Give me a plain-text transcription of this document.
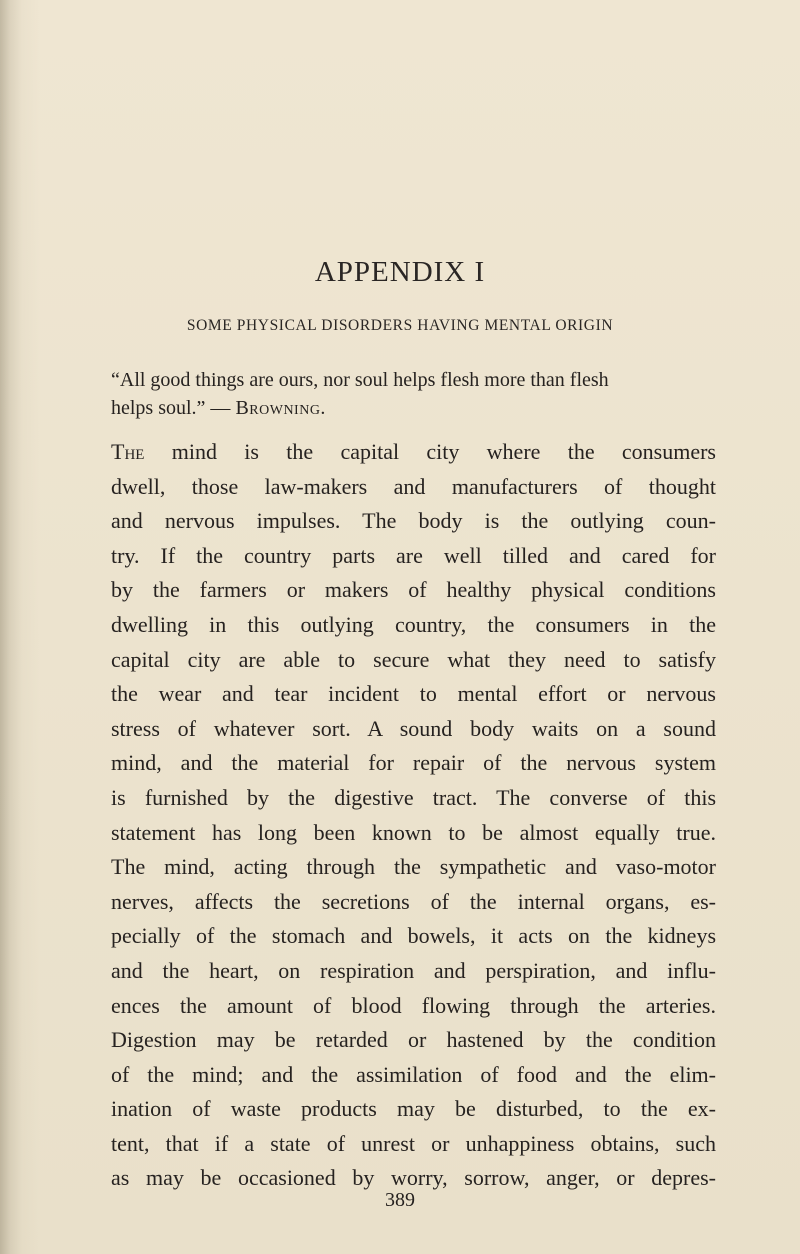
APPENDIX I
SOME PHYSICAL DISORDERS HAVING MENTAL ORIGIN
“All good things are ours, nor soul helps flesh more than flesh
helps soul.” — Browning.
The mind is the capital city where the consumers
dwell, those law-makers and manufacturers of thought
and nervous impulses. The body is the outlying coun-
try. If the country parts are well tilled and cared for
by the farmers or makers of healthy physical conditions
dwelling in this outlying country, the consumers in the
capital city are able to secure what they need to satisfy
the wear and tear incident to mental effort or nervous
stress of whatever sort. A sound body waits on a sound
mind, and the material for repair of the nervous system
is furnished by the digestive tract. The converse of this
statement has long been known to be almost equally true.
The mind, acting through the sympathetic and vaso-motor
nerves, affects the secretions of the internal organs, es-
pecially of the stomach and bowels, it acts on the kidneys
and the heart, on respiration and perspiration, and influ-
ences the amount of blood flowing through the arteries.
Digestion may be retarded or hastened by the condition
of the mind; and the assimilation of food and the elim-
ination of waste products may be disturbed, to the ex-
tent, that if a state of unrest or unhappiness obtains, such
as may be occasioned by worry, sorrow, anger, or depres-
389
